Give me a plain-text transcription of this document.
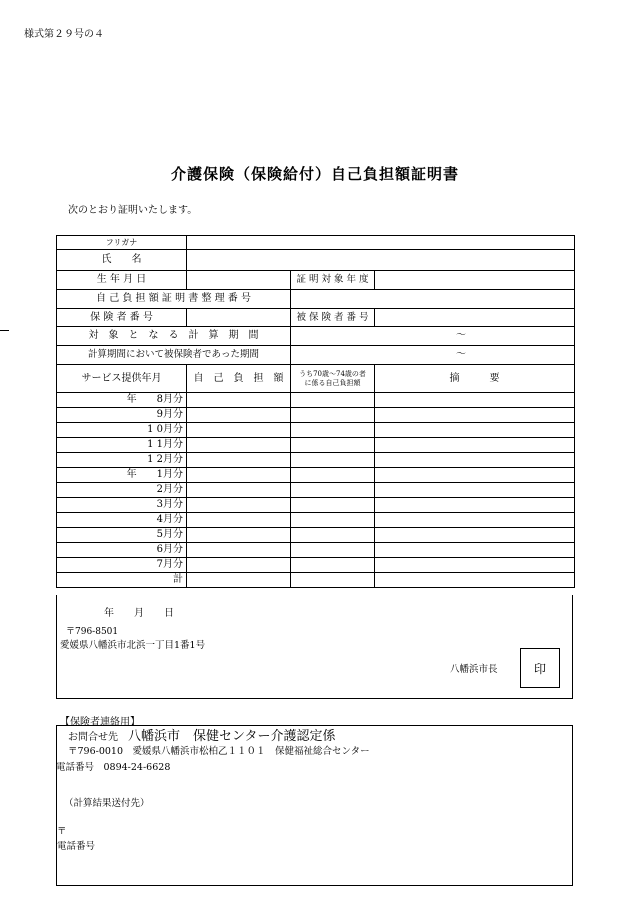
様式第２９号の４
介護保険（保険給付）自己負担額証明書
次のとおり証明いたします。
フリガナ			
氏　　名			
生 年 月 日		証 明 対 象 年 度	
自 己 負 担 額 証 明 書 整 理 番 号			
保 険 者 番 号		被 保 険 者 番 号	
対　象　と　な　る　計　算　期　間		～	
計算期間において被保険者であった期間		～	
サービス提供年月	自　己　負　担　額	うち70歳～74歳の者
に係る自己負担額	摘　　　要
年　　8月分			
9月分			
1 0月分			
1 1月分			
1 2月分			
年　　1月分			
2月分			
3月分			
4月分			
5月分			
6月分			
7月分			
計			
年　　月　　日
〒796-8501
愛媛県八幡浜市北浜一丁目1番1号
八幡浜市長	印
【保険者連絡用】
お問合せ先　 八幡浜市　保健センター介護認定係
〒796-0010　愛媛県八幡浜市松柏乙１１０１　保健福祉総合センター
電話番号　0894-24-6628
（計算結果送付先）
〒
電話番号
